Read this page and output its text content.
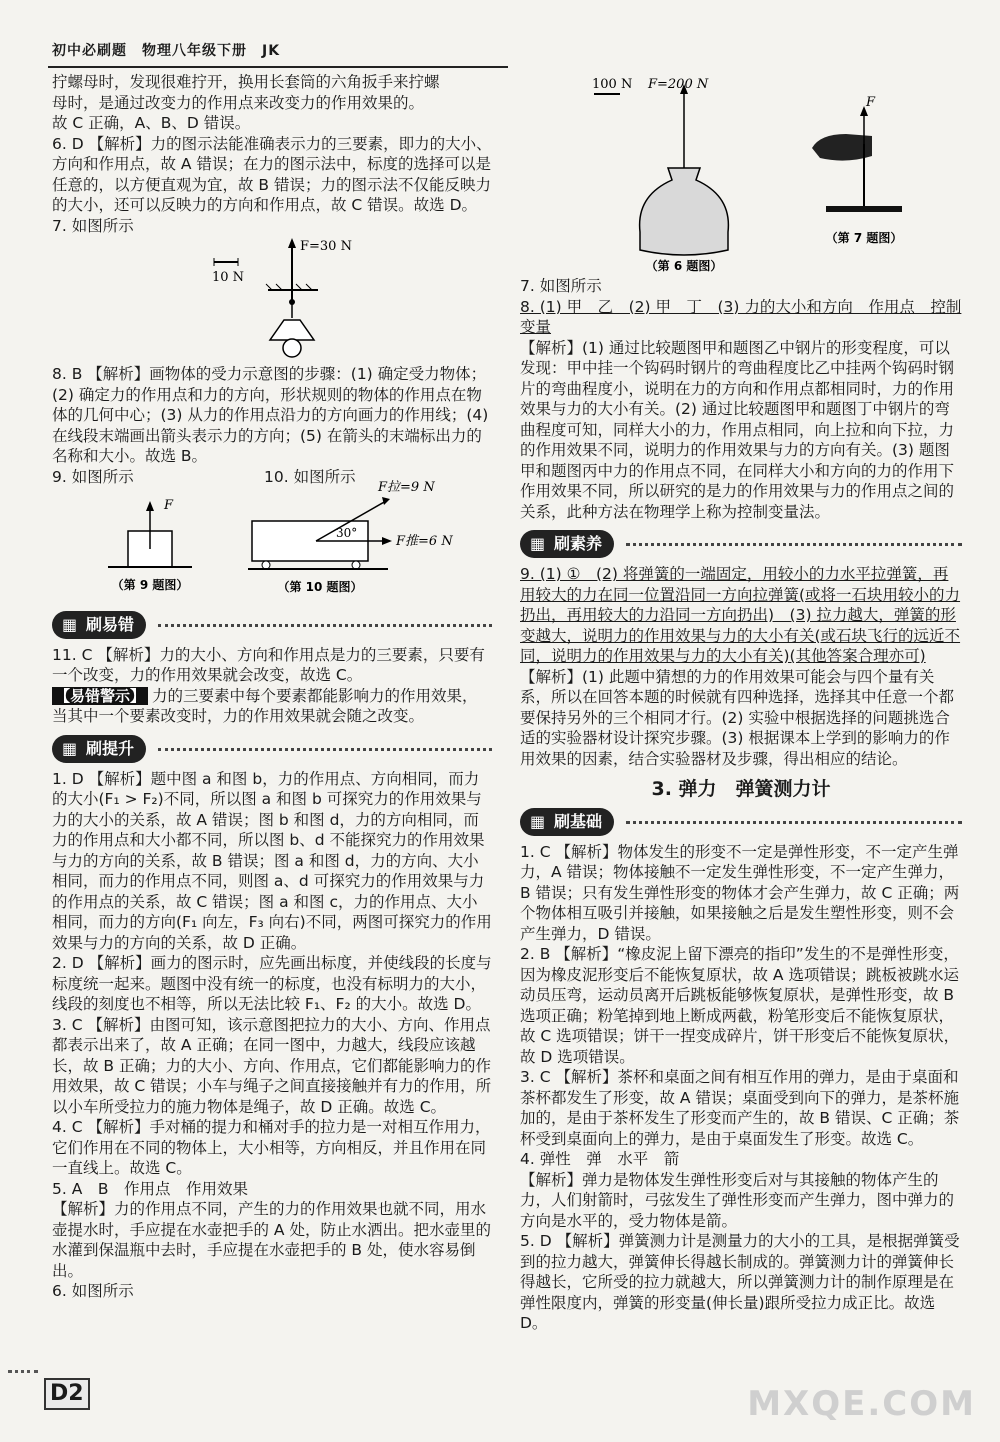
初中必刷题　物理八年级下册　JK

拧螺母时，发现很难拧开，换用长套筒的六角扳手来拧螺

母时，是通过改变力的作用点来改变力的作用效果的。

故 C 正确，A、B、D 错误。

6. D 【解析】力的图示法能准确表示力的三要素，即力的大小、方向和作用点，故 A 错误；在力的图示法中，标度的选择可以是任意的，以方便直观为宜，故 B 错误；力的图示法不仅能反映力的大小，还可以反映力的方向和作用点，故 C 错误。故选 D。

7. 如图所示

10 N
F=30 N

8. B 【解析】画物体的受力示意图的步骤：(1) 确定受力物体；(2) 确定力的作用点和力的方向，形状规则的物体的作用点在物体的几何中心；(3) 从力的作用点沿力的方向画力的作用线；(4) 在线段末端画出箭头表示力的方向；(5) 在箭头的末端标出力的名称和大小。故选 B。

9. 如图所示	10. 如图所示
F
（第 9 题图）
F拉=9 N
F推=6 N
30°
（第 10 题图）
▦ 刷易错

11. C 【解析】力的大小、方向和作用点是力的三要素，只要有一个改变，力的作用效果就会改变，故选 C。

【易错警示】 力的三要素中每个要素都能影响力的作用效果，当其中一个要素改变时，力的作用效果就会随之改变。

▦ 刷提升

1. D 【解析】题中图 a 和图 b，力的作用点、方向相同，而力的大小(F₁ > F₂)不同，所以图 a 和图 b 可探究力的作用效果与力的大小的关系，故 A 错误；图 b 和图 d，力的方向相同，而力的作用点和大小都不同，所以图 b、d 不能探究力的作用效果与力的方向的关系，故 B 错误；图 a 和图 d，力的方向、大小相同，而力的作用点不同，则图 a、d 可探究力的作用效果与力的作用点的关系，故 C 错误；图 a 和图 c，力的作用点、大小相同，而力的方向(F₁ 向左，F₃ 向右)不同，两图可探究力的作用效果与力的方向的关系，故 D 正确。

2. D 【解析】画力的图示时，应先画出标度，并使线段的长度与标度统一起来。题图中没有统一的标度，也没有标明力的大小，线段的刻度也不相等，所以无法比较 F₁、F₂ 的大小。故选 D。

3. C 【解析】由图可知，该示意图把拉力的大小、方向、作用点都表示出来了，故 A 正确；在同一图中，力越大，线段应该越长，故 B 正确；力的大小、方向、作用点，它们都能影响力的作用效果，故 C 错误；小车与绳子之间直接接触并有力的作用，所以小车所受拉力的施力物体是绳子，故 D 正确。故选 C。

4. C 【解析】手对桶的提力和桶对手的拉力是一对相互作用力，它们作用在不同的物体上，大小相等，方向相反，并且作用在同一直线上。故选 C。

5. A　B　作用点　作用效果

【解析】力的作用点不同，产生的力的作用效果也就不同，用水壶提水时，手应提在水壶把手的 A 处，防止水洒出。把水壶里的水灌到保温瓶中去时，手应提在水壶把手的 B 处，使水容易倒出。

6. 如图所示

100 N F=200 N
（第 6 题图）
F
（第 7 题图）

7. 如图所示

8. (1) 甲　乙　(2) 甲　丁　(3) 力的大小和方向　作用点　控制变量

【解析】(1) 通过比较题图甲和题图乙中钢片的形变程度，可以发现：甲中挂一个钩码时钢片的弯曲程度比乙中挂两个钩码时钢片的弯曲程度小，说明在力的方向和作用点都相同时，力的作用效果与力的大小有关。(2) 通过比较题图甲和题图丁中钢片的弯曲程度可知，同样大小的力，作用点相同，向上拉和向下拉，力的作用效果不同，说明力的作用效果与力的方向有关。(3) 题图甲和题图丙中力的作用点不同，在同样大小和方向的力的作用下作用效果不同，所以研究的是力的作用效果与力的作用点之间的关系，此种方法在物理学上称为控制变量法。

▦ 刷素养

9. (1) ①　(2) 将弹簧的一端固定，用较小的力水平拉弹簧，再用较大的力在同一位置沿同一方向拉弹簧(或将一石块用较小的力扔出，再用较大的力沿同一方向扔出)　(3) 拉力越大，弹簧的形变越大，说明力的作用效果与力的大小有关(或石块飞行的远近不同，说明力的作用效果与力的大小有关)(其他答案合理亦可)

【解析】(1) 此题中猜想的力的作用效果可能会与四个量有关系，所以在回答本题的时候就有四种选择，选择其中任意一个都要保持另外的三个相同才行。(2) 实验中根据选择的问题挑选合适的实验器材设计探究步骤。(3) 根据课本上学到的影响力的作用效果的因素，结合实验器材及步骤，得出相应的结论。

3. 弹力　弹簧测力计
▦ 刷基础

1. C 【解析】物体发生的形变不一定是弹性形变，不一定产生弹力，A 错误；物体接触不一定发生弹性形变，不一定产生弹力，B 错误；只有发生弹性形变的物体才会产生弹力，故 C 正确；两个物体相互吸引并接触，如果接触之后是发生塑性形变，则不会产生弹力，D 错误。

2. B 【解析】“橡皮泥上留下漂亮的指印”发生的不是弹性形变，因为橡皮泥形变后不能恢复原状，故 A 选项错误；跳板被跳水运动员压弯，运动员离开后跳板能够恢复原状，是弹性形变，故 B 选项正确；粉笔掉到地上断成两截，粉笔形变后不能恢复原状，故 C 选项错误；饼干一捏变成碎片，饼干形变后不能恢复原状，故 D 选项错误。

3. C 【解析】茶杯和桌面之间有相互作用的弹力，是由于桌面和茶杯都发生了形变，故 A 错误；桌面受到向下的弹力，是茶杯施加的，是由于茶杯发生了形变而产生的，故 B 错误、C 正确；茶杯受到桌面向上的弹力，是由于桌面发生了形变。故选 C。

4. 弹性　弹　水平　箭

【解析】弹力是物体发生弹性形变后对与其接触的物体产生的力，人们射箭时，弓弦发生了弹性形变而产生弹力，图中弹力的方向是水平的，受力物体是箭。

5. D 【解析】弹簧测力计是测量力的大小的工具，是根据弹簧受到的拉力越大，弹簧伸长得越长制成的。弹簧测力计的弹簧伸长得越长，它所受的拉力就越大，所以弹簧测力计的制作原理是在弹性限度内，弹簧的形变量(伸长量)跟所受拉力成正比。故选 D。

D2	MXQE.COM
